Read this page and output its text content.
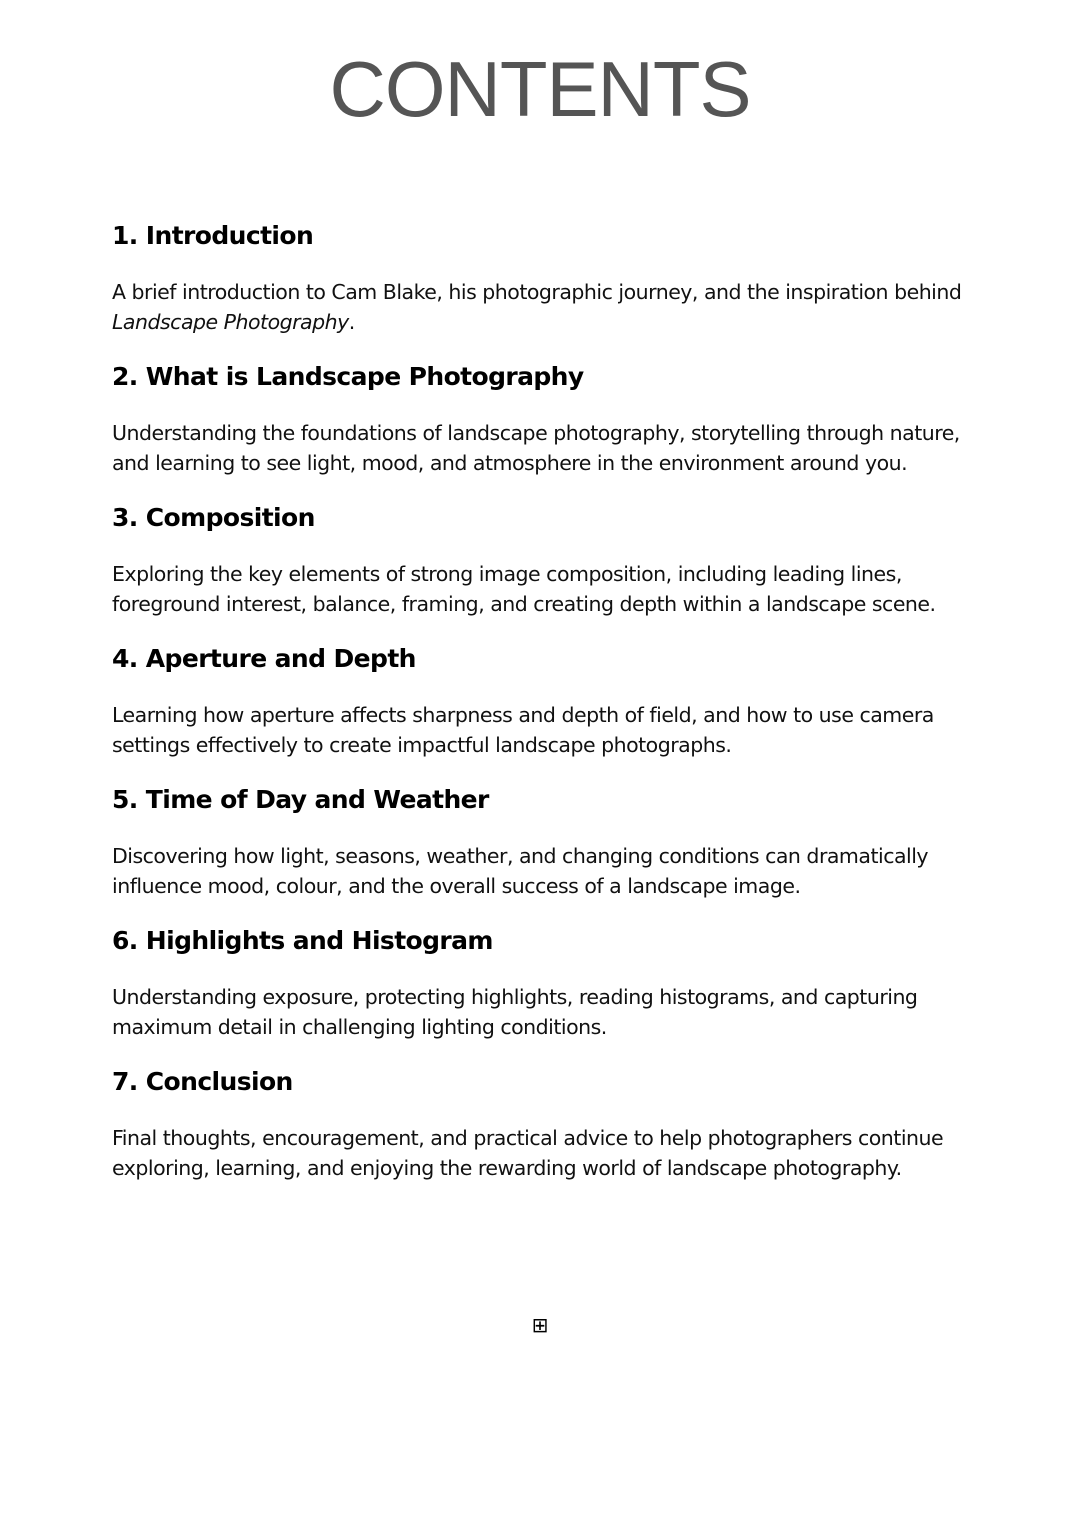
CONTENTS
1. Introduction

A brief introduction to Cam Blake, his photographic journey, and the inspiration behind Landscape Photography.

2. What is Landscape Photography

Understanding the foundations of landscape photography, storytelling through nature, and learning to see light, mood, and atmosphere in the environment around you.

3. Composition

Exploring the key elements of strong image composition, including leading lines, foreground interest, balance, framing, and creating depth within a landscape scene.

4. Aperture and Depth

Learning how aperture affects sharpness and depth of field, and how to use camera settings effectively to create impactful landscape photographs.

5. Time of Day and Weather

Discovering how light, seasons, weather, and changing conditions can dramatically influence mood, colour, and the overall success of a landscape image.

6. Highlights and Histogram

Understanding exposure, protecting highlights, reading histograms, and capturing maximum detail in challenging lighting conditions.

7. Conclusion

Final thoughts, encouragement, and practical advice to help photographers continue exploring, learning, and enjoying the rewarding world of landscape photography.

⊞
